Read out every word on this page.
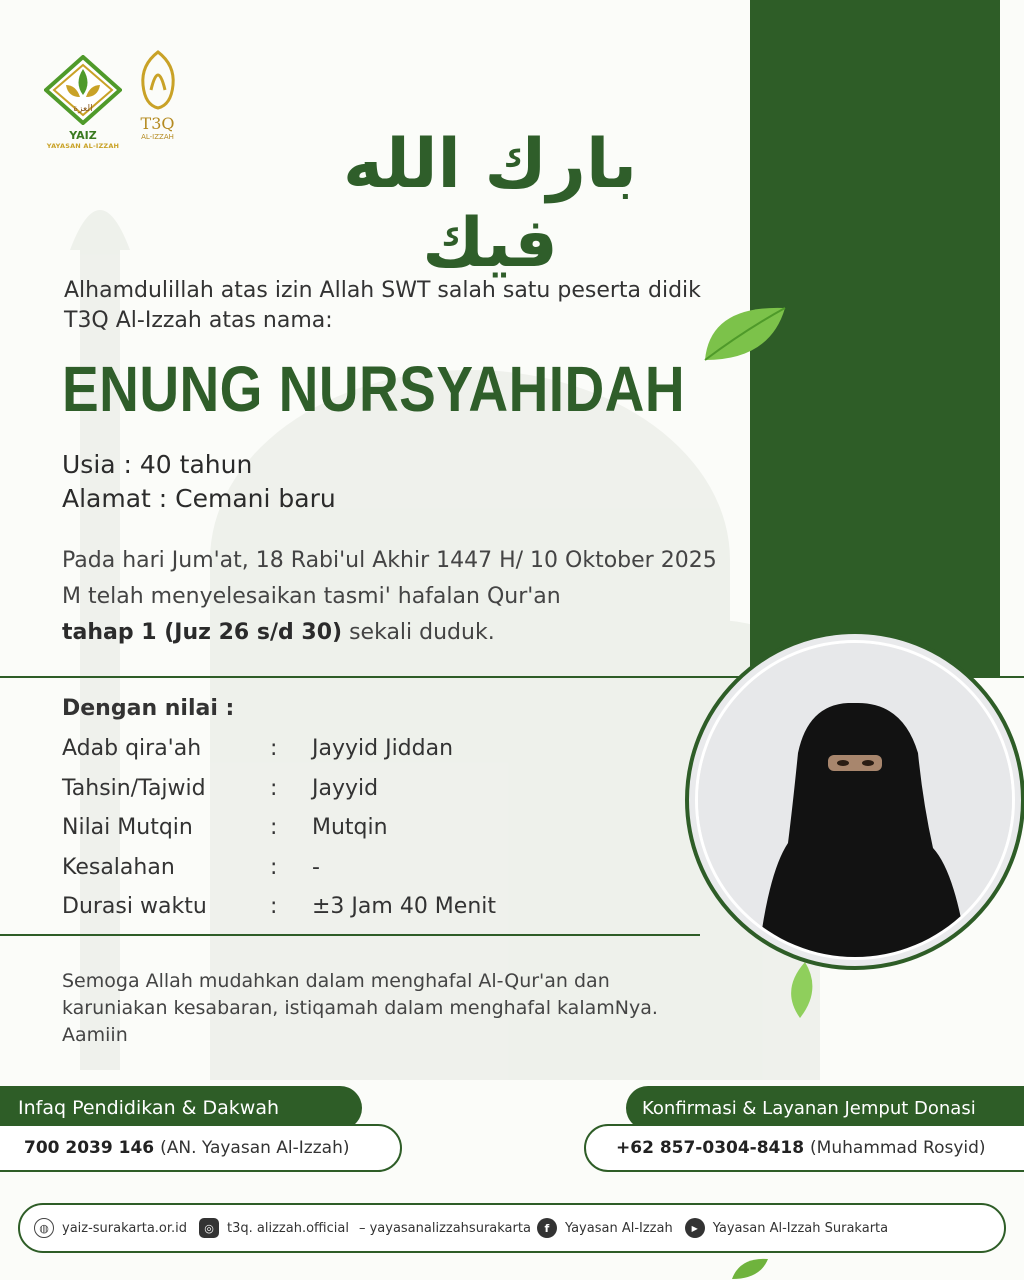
العزة
YAIZ
YAYASAN AL-IZZAH
T3Q
AL-IZZAH	بارك الله فيك
Alhamdulillah atas izin Allah SWT salah satu peserta didik T3Q Al-Izzah atas nama:
ENUNG NURSYAHIDAH
Usia : 40 tahun
Alamat : Cemani baru
Pada hari Jum'at, 18 Rabi'ul Akhir 1447 H/ 10 Oktober 2025 M telah menyelesaikan tasmi' hafalan Qur'an
tahap 1 (Juz 26 s/d 30) sekali duduk.
Dengan nilai :
Adab qira'ah	:	Jayyid Jiddan
Tahsin/Tajwid	:	Jayyid
Nilai Mutqin	:	Mutqin
Kesalahan	:	-
Durasi waktu	:	±3 Jam 40 Menit
Semoga Allah mudahkan dalam menghafal Al-Qur'an dan karuniakan kesabaran, istiqamah dalam menghafal kalamNya. Aamiin
Infaq Pendidikan & Dakwah
700 2039 146 (AN. Yayasan Al-Izzah)
Konfirmasi & Layanan Jemput Donasi
+62 857-0304-8418 (Muhammad Rosyid)
◍	yaiz-surakarta.or.id	◎	t3q. alizzah.official – yayasanalizzahsurakarta	f	Yayasan Al-Izzah	▶	Yayasan Al-Izzah Surakarta
